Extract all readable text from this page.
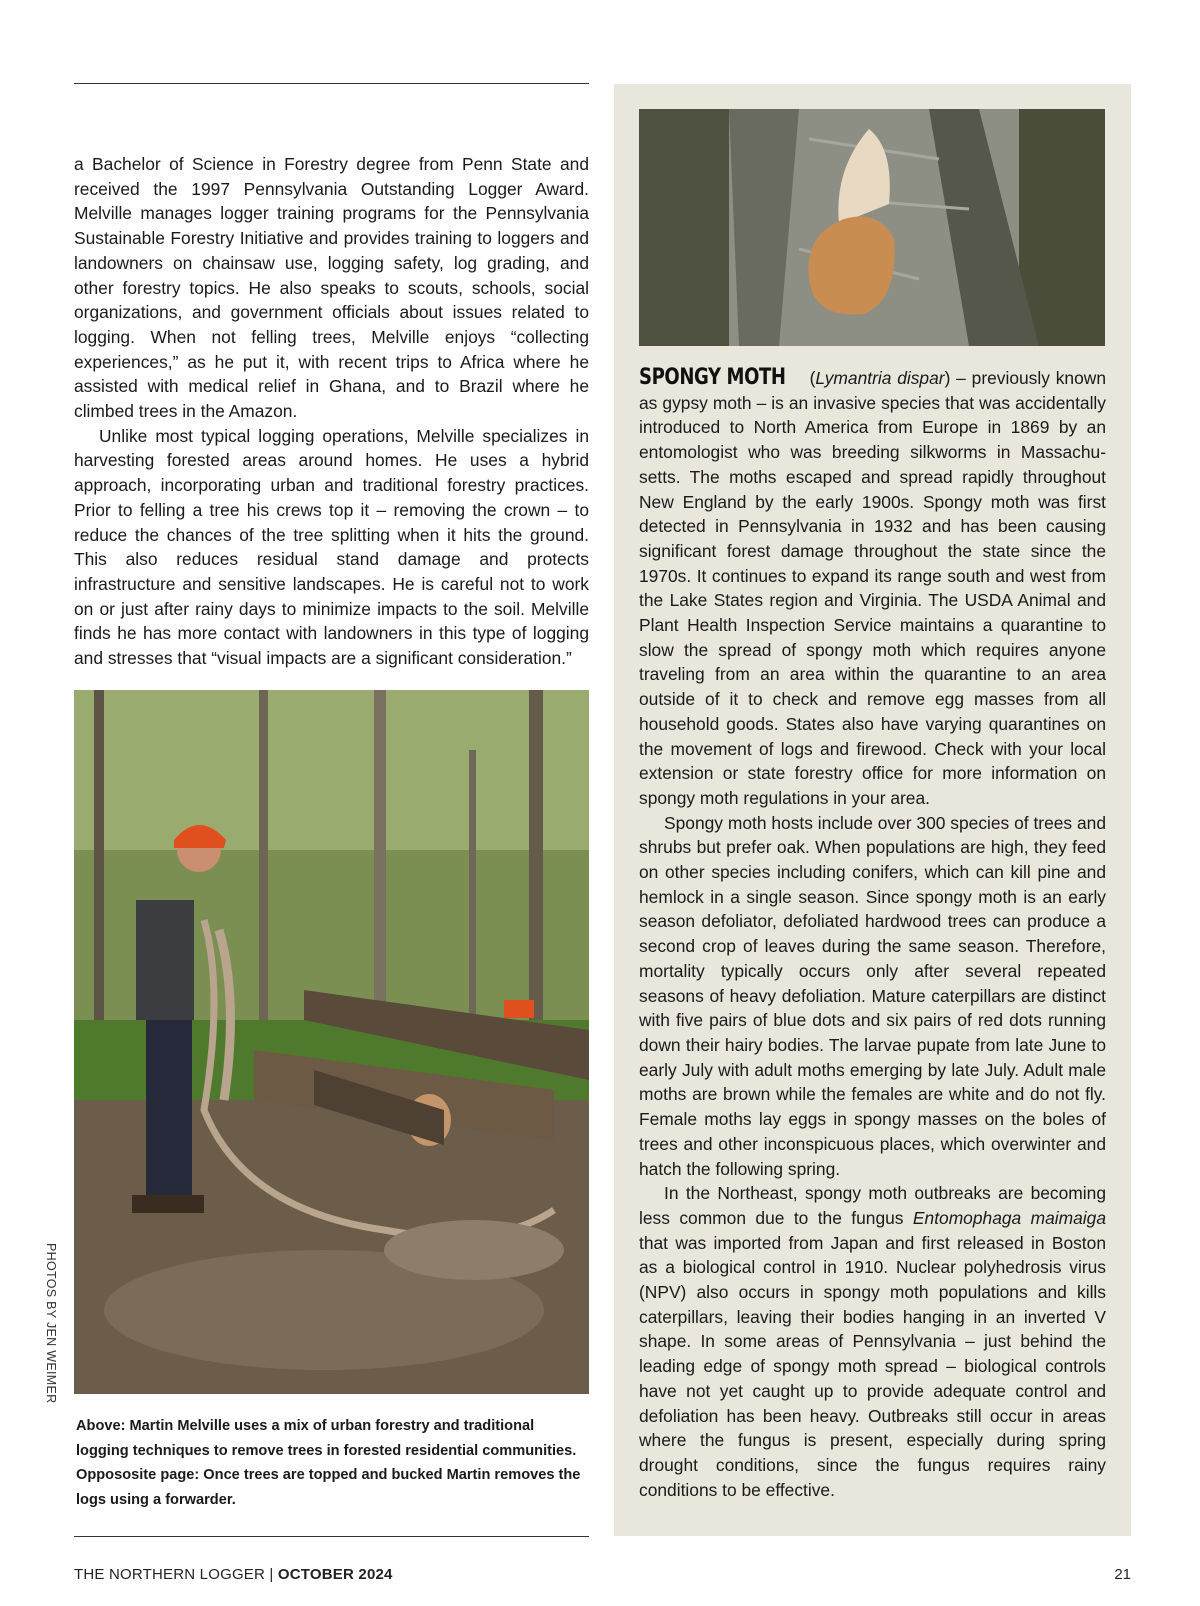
a Bachelor of Science in Forestry degree from Penn State and received the 1997 Pennsylvania Outstanding Logger Award. Melville manages logger training programs for the Pennsylvania Sustainable Forestry Initiative and provides training to loggers and landowners on chainsaw use, logging safety, log grading, and other forestry topics. He also speaks to scouts, schools, social organizations, and government officials about issues related to logging. When not felling trees, Melville enjoys “collecting experiences,” as he put it, with recent trips to Africa where he assisted with medical relief in Ghana, and to Brazil where he climbed trees in the Amazon.

Unlike most typical logging operations, Melville specializes in harvesting forested areas around homes. He uses a hybrid approach, incorporating urban and traditional forestry practices. Prior to felling a tree his crews top it – removing the crown – to reduce the chances of the tree splitting when it hits the ground. This also reduces residual stand damage and protects infrastructure and sensitive landscapes. He is careful not to work on or just after rainy days to minimize impacts to the soil. Melville finds he has more contact with landowners in this type of logging and stresses that “visual impacts are a significant consideration.”

PHOTOS BY JEN WEIMER

Above: Martin Melville uses a mix of urban forestry and traditional logging techniques to remove trees in forested residential communities. Oppososite page: Once trees are topped and bucked Martin removes the logs using a forwarder.

SPONGY MOTH (Lymantria dispar) – previously known as gypsy moth – is an invasive species that was accidentally introduced to North America from Europe in 1869 by an entomologist who was breeding silkworms in Massachu-setts. The moths escaped and spread rapidly throughout New England by the early 1900s. Spongy moth was first detected in Pennsylvania in 1932 and has been causing significant forest damage throughout the state since the 1970s. It continues to expand its range south and west from the Lake States region and Virginia. The USDA Animal and Plant Health Inspection Service maintains a quarantine to slow the spread of spongy moth which requires anyone traveling from an area within the quarantine to an area outside of it to check and remove egg masses from all household goods. States also have varying quarantines on the movement of logs and firewood. Check with your local extension or state forestry office for more information on spongy moth regulations in your area.

Spongy moth hosts include over 300 species of trees and shrubs but prefer oak. When populations are high, they feed on other species including conifers, which can kill pine and hemlock in a single season. Since spongy moth is an early season defoliator, defoliated hardwood trees can produce a second crop of leaves during the same season. Therefore, mortality typically occurs only after several repeated seasons of heavy defoliation. Mature caterpillars are distinct with five pairs of blue dots and six pairs of red dots running down their hairy bodies. The larvae pupate from late June to early July with adult moths emerging by late July. Adult male moths are brown while the females are white and do not fly. Female moths lay eggs in spongy masses on the boles of trees and other inconspicuous places, which overwinter and hatch the following spring.

In the Northeast, spongy moth outbreaks are becoming less common due to the fungus Entomophaga maimaiga that was imported from Japan and first released in Boston as a biological control in 1910. Nuclear polyhedrosis virus (NPV) also occurs in spongy moth populations and kills caterpillars, leaving their bodies hanging in an inverted V shape. In some areas of Pennsylvania – just behind the leading edge of spongy moth spread – biological controls have not yet caught up to provide adequate control and defoliation has been heavy. Outbreaks still occur in areas where the fungus is present, especially during spring drought conditions, since the fungus requires rainy conditions to be effective.

THE NORTHERN LOGGER | OCTOBER 2024	21
